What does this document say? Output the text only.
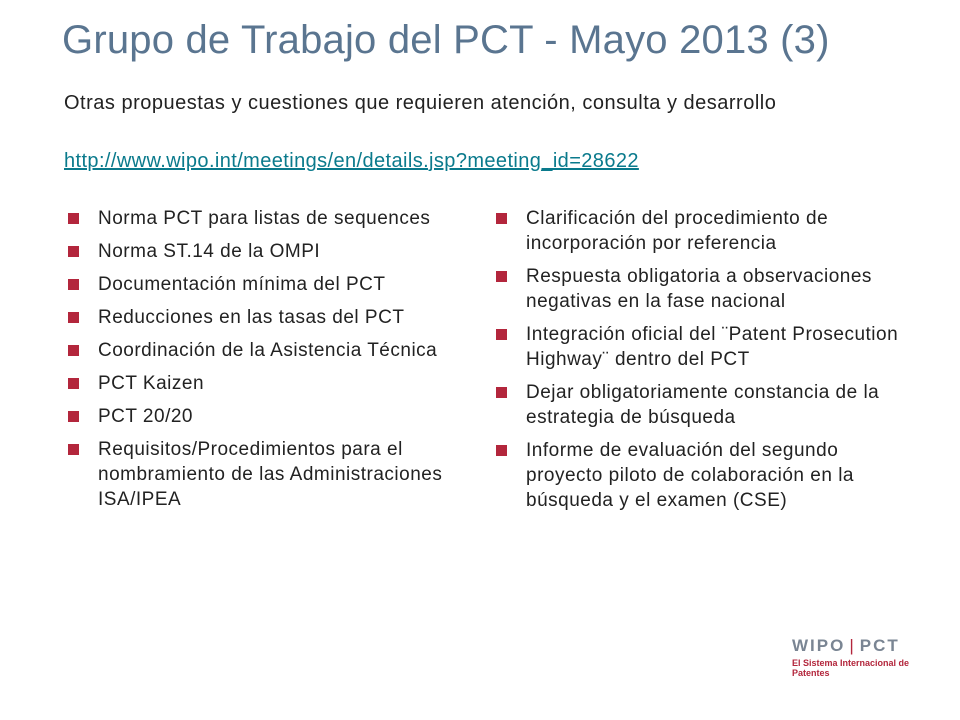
Grupo de Trabajo del PCT - Mayo 2013 (3)
Otras propuestas y cuestiones que requieren atención, consulta y desarrollo
http://www.wipo.int/meetings/en/details.jsp?meeting_id=28622
Norma PCT para listas de sequences
Norma ST.14 de la OMPI
Documentación mínima del PCT
Reducciones en las tasas del PCT
Coordinación de la Asistencia Técnica
PCT Kaizen
PCT 20/20
Requisitos/Procedimientos para el nombramiento de las Administraciones ISA/IPEA
Clarificación del procedimiento de incorporación por referencia
Respuesta obligatoria a observaciones negativas en la fase nacional
Integración oficial del ¨Patent Prosecution Highway¨ dentro del PCT
Dejar obligatoriamente constancia de la estrategia de búsqueda
Informe de evaluación del segundo proyecto piloto de colaboración en la búsqueda y el examen (CSE)
WIPO | PCT
El Sistema Internacional de Patentes
